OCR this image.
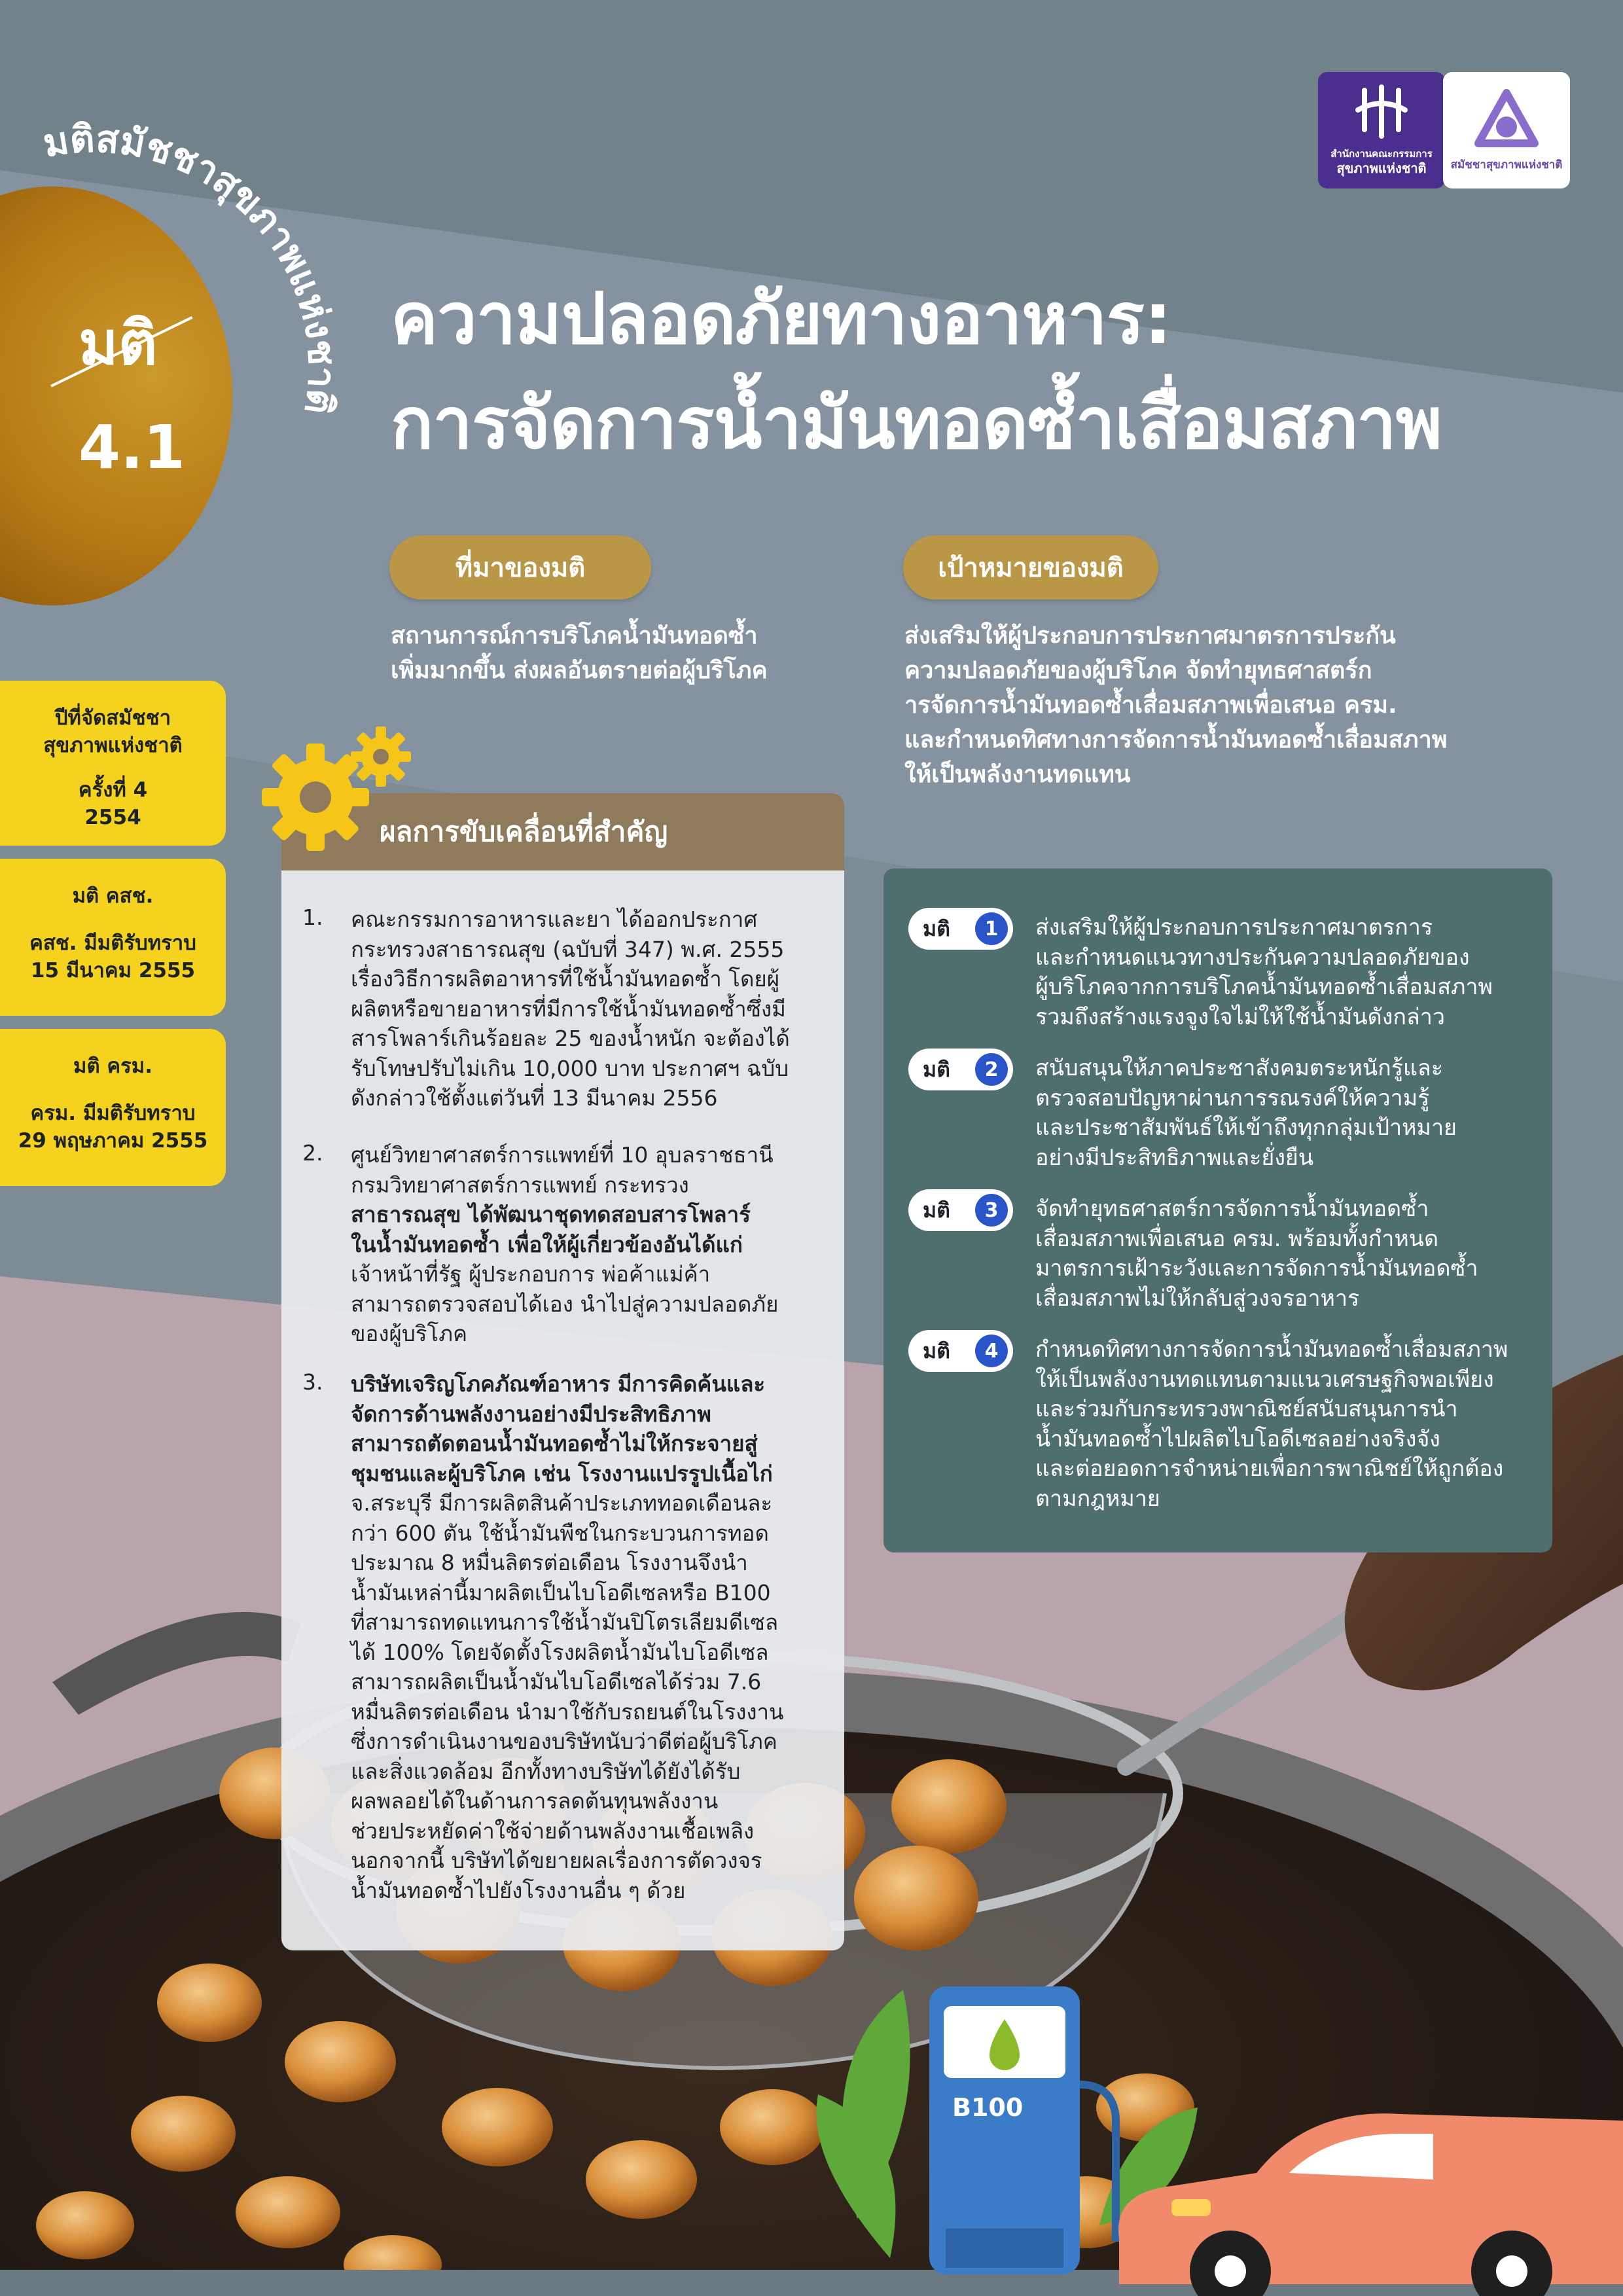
B100
สำนักงานคณะกรรมการ
สุขภาพแห่งชาติ สมัชชาสุขภาพแห่งชาติ
มติสมัชชาสุขภาพแห่งชาติ
มติ
4.1
ความปลอดภัยทางอาหาร:
การจัดการน้ำมันทอดซ้ำเสื่อมสภาพ
ที่มาของมติ
สถานการณ์การบริโภคน้ำมันทอดซ้ำ
เพิ่มมากขึ้น ส่งผลอันตรายต่อผู้บริโภค
เป้าหมายของมติ
ส่งเสริมให้ผู้ประกอบการประกาศมาตรการประกัน
ความปลอดภัยของผู้บริโภค จัดทำยุทธศาสตร์ก
ารจัดการน้ำมันทอดซ้ำเสื่อมสภาพเพื่อเสนอ ครม.
และกำหนดทิศทางการจัดการน้ำมันทอดซ้ำเสื่อมสภาพ
ให้เป็นพลังงานทดแทน
ปีที่จัดสมัชชา
สุขภาพแห่งชาติ
ครั้งที่ 4
2554
มติ คสช.
คสช. มีมติรับทราบ
15 มีนาคม 2555
มติ ครม.
ครม. มีมติรับทราบ
29 พฤษภาคม 2555
ผลการขับเคลื่อนที่สำคัญ
1. คณะกรรมการอาหารและยา ได้ออกประกาศ
กระทรวงสาธารณสุข (ฉบับที่ 347) พ.ศ. 2555
เรื่องวิธีการผลิตอาหารที่ใช้น้ำมันทอดซ้ำ โดยผู้
ผลิตหรือขายอาหารที่มีการใช้น้ำมันทอดซ้ำซึ่งมี
สารโพลาร์เกินร้อยละ 25 ของน้ำหนัก จะต้องได้
รับโทษปรับไม่เกิน 10,000 บาท ประกาศฯ ฉบับ
ดังกล่าวใช้ตั้งแต่วันที่ 13 มีนาคม 2556
2. ศูนย์วิทยาศาสตร์การแพทย์ที่ 10 อุบลราชธานี
กรมวิทยาศาสตร์การแพทย์ กระทรวง
สาธารณสุข ได้พัฒนาชุดทดสอบสารโพลาร์
ในน้ำมันทอดซ้ำ เพื่อให้ผู้เกี่ยวข้องอันได้แก่
เจ้าหน้าที่รัฐ ผู้ประกอบการ พ่อค้าแม่ค้า
สามารถตรวจสอบได้เอง นำไปสู่ความปลอดภัย
ของผู้บริโภค
3. บริษัทเจริญโภคภัณฑ์อาหาร มีการคิดค้นและ
จัดการด้านพลังงานอย่างมีประสิทธิภาพ
สามารถตัดตอนน้ำมันทอดซ้ำไม่ให้กระจายสู่
ชุมชนและผู้บริโภค เช่น โรงงานแปรรูปเนื้อไก่
จ.สระบุรี มีการผลิตสินค้าประเภททอดเดือนละ
กว่า 600 ตัน ใช้น้ำมันพืชในกระบวนการทอด
ประมาณ 8 หมื่นลิตรต่อเดือน โรงงานจึงนำ
น้ำมันเหล่านี้มาผลิตเป็นไบโอดีเซลหรือ B100
ที่สามารถทดแทนการใช้น้ำมันปิโตรเลียมดีเซล
ได้ 100% โดยจัดตั้งโรงผลิตน้ำมันไบโอดีเซล
สามารถผลิตเป็นน้ำมันไบโอดีเซลได้ร่วม 7.6
หมื่นลิตรต่อเดือน นำมาใช้กับรถยนต์ในโรงงาน
ซึ่งการดำเนินงานของบริษัทนับว่าดีต่อผู้บริโภค
และสิ่งแวดล้อม อีกทั้งทางบริษัทได้ยังได้รับ
ผลพลอยได้ในด้านการลดต้นทุนพลังงาน
ช่วยประหยัดค่าใช้จ่ายด้านพลังงานเชื้อเพลิง
นอกจากนี้ บริษัทได้ขยายผลเรื่องการตัดวงจร
น้ำมันทอดซ้ำไปยังโรงงานอื่น ๆ ด้วย
มติ	1	ส่งเสริมให้ผู้ประกอบการประกาศมาตรการ
และกำหนดแนวทางประกันความปลอดภัยของ
ผู้บริโภคจากการบริโภคน้ำมันทอดซ้ำเสื่อมสภาพ
รวมถึงสร้างแรงจูงใจไม่ให้ใช้น้ำมันดังกล่าว
มติ	2	สนับสนุนให้ภาคประชาสังคมตระหนักรู้และ
ตรวจสอบปัญหาผ่านการรณรงค์ให้ความรู้
และประชาสัมพันธ์ให้เข้าถึงทุกกลุ่มเป้าหมาย
อย่างมีประสิทธิภาพและยั่งยืน
มติ	3	จัดทำยุทธศาสตร์การจัดการน้ำมันทอดซ้ำ
เสื่อมสภาพเพื่อเสนอ ครม. พร้อมทั้งกำหนด
มาตรการเฝ้าระวังและการจัดการน้ำมันทอดซ้ำ
เสื่อมสภาพไม่ให้กลับสู่วงจรอาหาร
มติ	4	กำหนดทิศทางการจัดการน้ำมันทอดซ้ำเสื่อมสภาพ
ให้เป็นพลังงานทดแทนตามแนวเศรษฐกิจพอเพียง
และร่วมกับกระทรวงพาณิชย์สนับสนุนการนำ
น้ำมันทอดซ้ำไปผลิตไบโอดีเซลอย่างจริงจัง
และต่อยอดการจำหน่ายเพื่อการพาณิชย์ให้ถูกต้อง
ตามกฎหมาย
